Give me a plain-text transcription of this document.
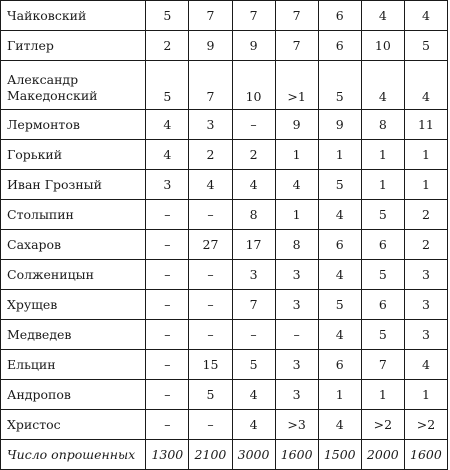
Чайковский	5	7	7	7	6	4	4
Гитлер	2	9	9	7	6	10	5
Александр Македонский	5	7	10	>1	5	4	4
Лермонтов	4	3	–	9	9	8	11
Горький	4	2	2	1	1	1	1
Иван Грозный	3	4	4	4	5	1	1
Столыпин	–	–	8	1	4	5	2
Сахаров	–	27	17	8	6	6	2
Солженицын	–	–	3	3	4	5	3
Хрущев	–	–	7	3	5	6	3
Медведев	–	–	–	–	4	5	3
Ельцин	–	15	5	3	6	7	4
Андропов	–	5	4	3	1	1	1
Христос	–	–	4	>3	4	>2	>2
Число опрошенных	1300	2100	3000	1600	1500	2000	1600
